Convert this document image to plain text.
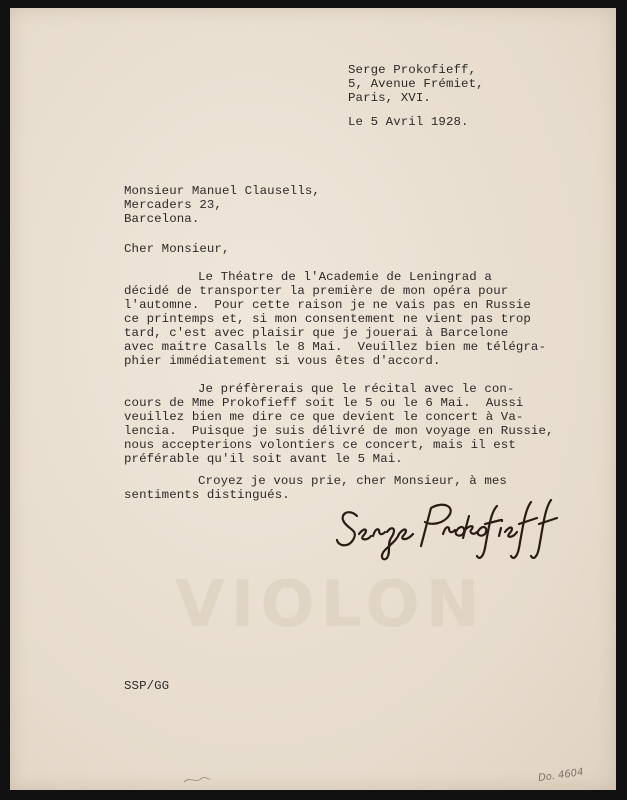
VIOLON
Serge Prokofieff,
5, Avenue Frémiet,
Paris, XVI.
Le 5 Avril 1928.
Monsieur Manuel Clausells,
Mercaders 23,
Barcelona.
Cher Monsieur,
Le Théatre de l'Academie de Leningrad a
décidé de transporter la première de mon opéra pour
l'automne.  Pour cette raison je ne vais pas en Russie
ce printemps et, si mon consentement ne vient pas trop
tard, c'est avec plaisir que je jouerai à Barcelone
avec maitre Casalls le 8 Mai.  Veuillez bien me télégra-
phier immédiatement si vous êtes d'accord.
Je préfèrerais que le récital avec le con-
cours de Mme Prokofieff soit le 5 ou le 6 Mai.  Aussi
veuillez bien me dire ce que devient le concert à Va-
lencia.  Puisque je suis délivré de mon voyage en Russie,
nous accepterions volontiers ce concert, mais il est
préférable qu'il soit avant le 5 Mai.
Croyez je vous prie, cher Monsieur, à mes
sentiments distingués.
SSP/GG
Do. 4604
